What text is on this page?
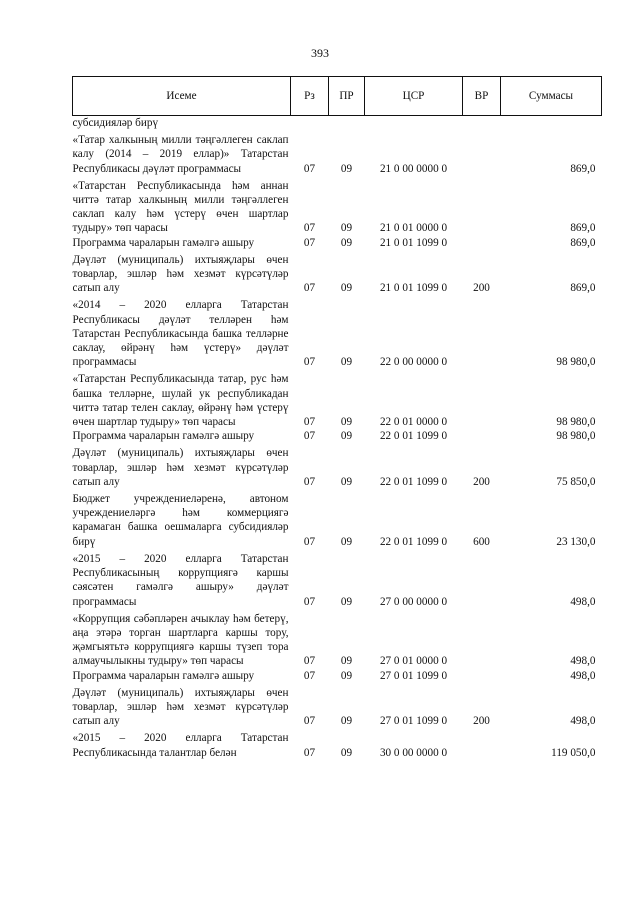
393
Исеме	Рз	ПР	ЦСР	ВР	Суммасы
субсидияләр бирү					
«Татар халкының милли тәңгәллеген саклап калу (2014 – 2019 еллар)» Татарстан Республикасы дәүләт программасы	07	09	21 0 00 0000 0		869,0
«Татарстан Республикасында һәм аннан читтә татар халкының милли тәңгәллеген саклап калу һәм үстерү өчен шартлар тудыру» төп чарасы	07	09	21 0 01 0000 0		869,0
Программа чараларын гамәлгә ашыру	07	09	21 0 01 1099 0		869,0
Дәүләт (муниципаль) ихтыяҗлары өчен товарлар, эшләр һәм хезмәт күрсәтүләр сатып алу	07	09	21 0 01 1099 0	200	869,0
«2014 – 2020 елларга Татарстан Республикасы дәүләт телләрен һәм Татарстан Республикасында башка телләрне саклау, өйрәнү һәм үстерү» дәүләт программасы	07	09	22 0 00 0000 0		98 980,0
«Татарстан Республикасында татар, рус һәм башка телләрне, шулай ук республикадан читтә татар телен саклау, өйрәнү һәм үстерү өчен шартлар тудыру» төп чарасы	07	09	22 0 01 0000 0		98 980,0
Программа чараларын гамәлгә ашыру	07	09	22 0 01 1099 0		98 980,0
Дәүләт (муниципаль) ихтыяҗлары өчен товарлар, эшләр һәм хезмәт күрсәтүләр сатып алу	07	09	22 0 01 1099 0	200	75 850,0
Бюджет учреждениеләренә, автоном учреждениеләргә һәм коммерциягә карамаган башка оешмаларга субсидияләр бирү	07	09	22 0 01 1099 0	600	23 130,0
«2015 – 2020 елларга Татарстан Республикасының коррупциягә каршы сәясәтен гамәлгә ашыру» дәүләт программасы	07	09	27 0 00 0000 0		498,0
«Коррупция сәбәпләрен ачыклау һәм бетерү, аңа этәрә торган шартларга каршы тору, җәмгыятьтә коррупциягә каршы түзеп тора алмаучылыкны тудыру» төп чарасы	07	09	27 0 01 0000 0		498,0
Программа чараларын гамәлгә ашыру	07	09	27 0 01 1099 0		498,0
Дәүләт (муниципаль) ихтыяҗлары өчен товарлар, эшләр һәм хезмәт күрсәтүләр сатып алу	07	09	27 0 01 1099 0	200	498,0
«2015 – 2020 елларга Татарстан Республикасында талантлар белән	07	09	30 0 00 0000 0		119 050,0
